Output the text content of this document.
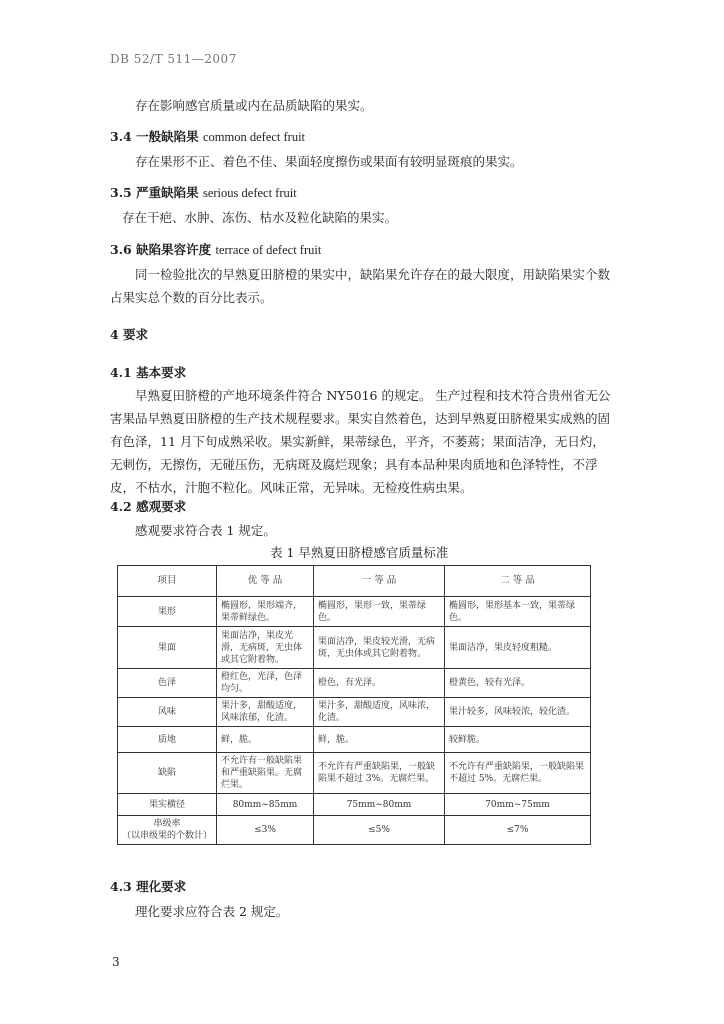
DB 52/T 511—2007
存在影响感官质量或内在品质缺陷的果实。
3.4 一般缺陷果 common defect fruit
存在果形不正、着色不佳、果面轻度擦伤或果面有较明显斑痕的果实。
3.5 严重缺陷果 serious defect fruit
存在干疤、水肿、冻伤、枯水及粒化缺陷的果实。
3.6 缺陷果容许度 terrace of defect fruit
同一检验批次的早熟夏田脐橙的果实中，缺陷果允许存在的最大限度，用缺陷果实个数占果实总个数的百分比表示。
4 要求
4.1 基本要求
早熟夏田脐橙的产地环境条件符合 NY5016 的规定。 生产过程和技术符合贵州省无公害果品早熟夏田脐橙的生产技术规程要求。果实自然着色，达到早熟夏田脐橙果实成熟的固有色泽，11 月下旬成熟采收。果实新鲜，果蒂绿色，平齐，不萎蔫；果面洁净，无日灼，无刺伤，无擦伤，无碰压伤，无病斑及腐烂现象；具有本品种果肉质地和色泽特性，不浮皮，不枯水，汁胞不粒化。风味正常，无异味。无检疫性病虫果。
4.2 感观要求
感观要求符合表 1 规定。
表 1 早熟夏田脐橙感官质量标准
项目	优 等 品	一 等 品	二 等 品
果形	椭圆形，果形端齐，果蒂鲜绿色。	椭圆形，果形一致，果蒂绿色。	椭圆形，果形基本一致，果蒂绿色。
果面	果面洁净，果皮光滑，无病斑，无虫体或其它附着物。	果面洁净，果皮较光滑，无病斑，无虫体或其它附着物。	果面洁净，果皮轻度粗糙。
色泽	橙红色，光泽，色泽均匀。	橙色，有光泽。	橙黄色，较有光泽。
风味	果汁多，甜酸适度，风味浓郁，化渣。	果汁多，甜酸适度，风味浓，化渣。	果汁较多，风味较浓，较化渣。
质地	鲜，脆。	鲜，脆。	较鲜脆。
缺陷	不允许有一般缺陷果和严重缺陷果。无腐烂果。	不允许有严重缺陷果，一般缺陷果不超过 3%。无腐烂果。	不允许有严重缺陷果，一般缺陷果不超过 5%。无腐烂果。
果实横径	80mm~85mm	75mm~80mm	70mm~75mm
串级率
（以串级果的个数计）	≤3%	≤5%	≤7%
4.3 理化要求
理化要求应符合表 2 规定。
3
